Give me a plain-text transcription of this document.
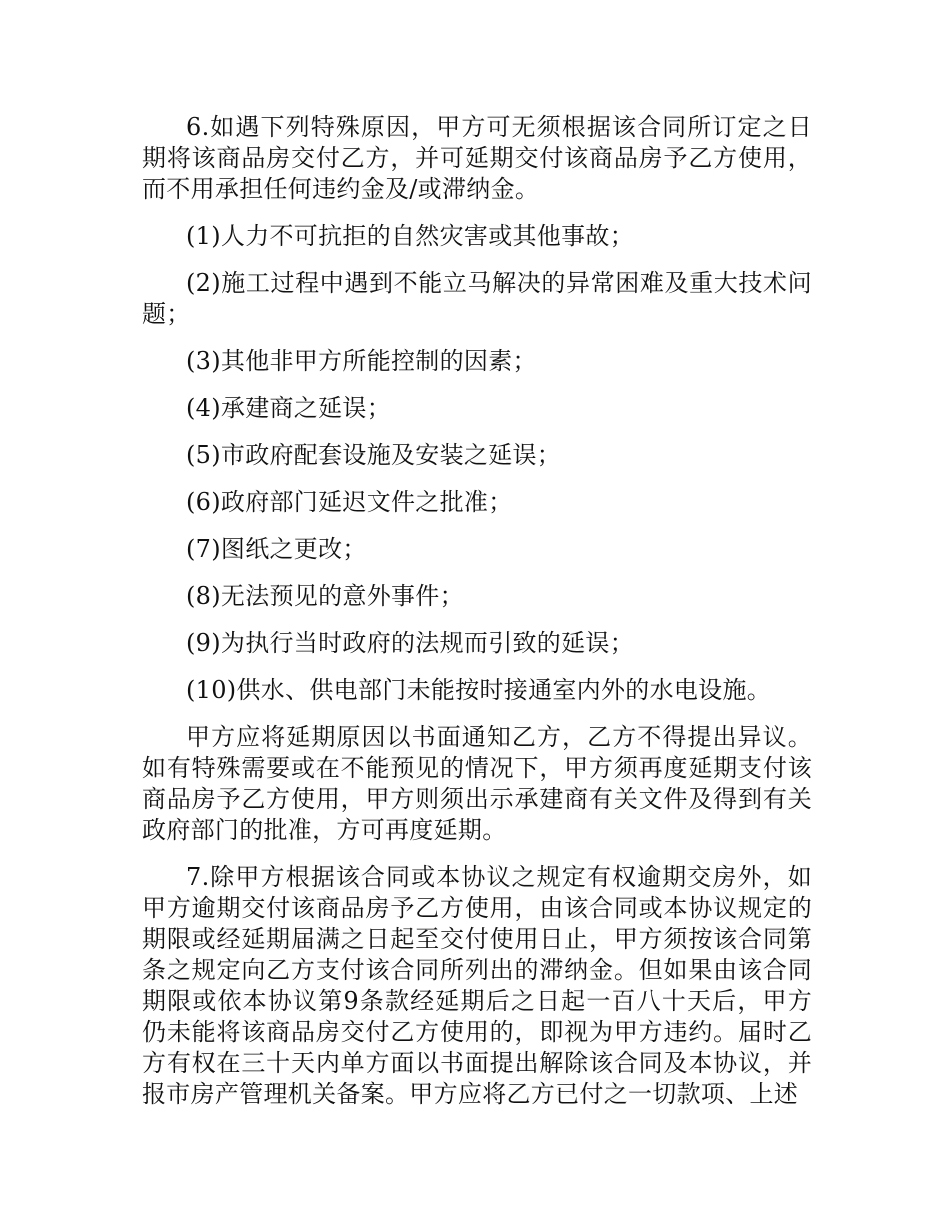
6.如遇下列特殊原因，甲方可无须根据该合同所订定之日期将该商品房交付乙方，并可延期交付该商品房予乙方使用，而不用承担任何违约金及/或滞纳金。

(1)人力不可抗拒的自然灾害或其他事故；

(2)施工过程中遇到不能立马解决的异常困难及重大技术问题；

(3)其他非甲方所能控制的因素；

(4)承建商之延误；

(5)市政府配套设施及安装之延误；

(6)政府部门延迟文件之批准；

(7)图纸之更改；

(8)无法预见的意外事件；

(9)为执行当时政府的法规而引致的延误；

(10)供水、供电部门未能按时接通室内外的水电设施。

甲方应将延期原因以书面通知乙方，乙方不得提出异议。如有特殊需要或在不能预见的情况下，甲方须再度延期支付该商品房予乙方使用，甲方则须出示承建商有关文件及得到有关政府部门的批准，方可再度延期。

7.除甲方根据该合同或本协议之规定有权逾期交房外，如甲方逾期交付该商品房予乙方使用，由该合同或本协议规定的期限或经延期届满之日起至交付使用日止，甲方须按该合同第条之规定向乙方支付该合同所列出的滞纳金。但如果由该合同期限或依本协议第9条款经延期后之日起一百八十天后，甲方仍未能将该商品房交付乙方使用的，即视为甲方违约。届时乙方有权在三十天内单方面以书面提出解除该合同及本协议，并报市房产管理机关备案。甲方应将乙方已付之一切款项、上述
